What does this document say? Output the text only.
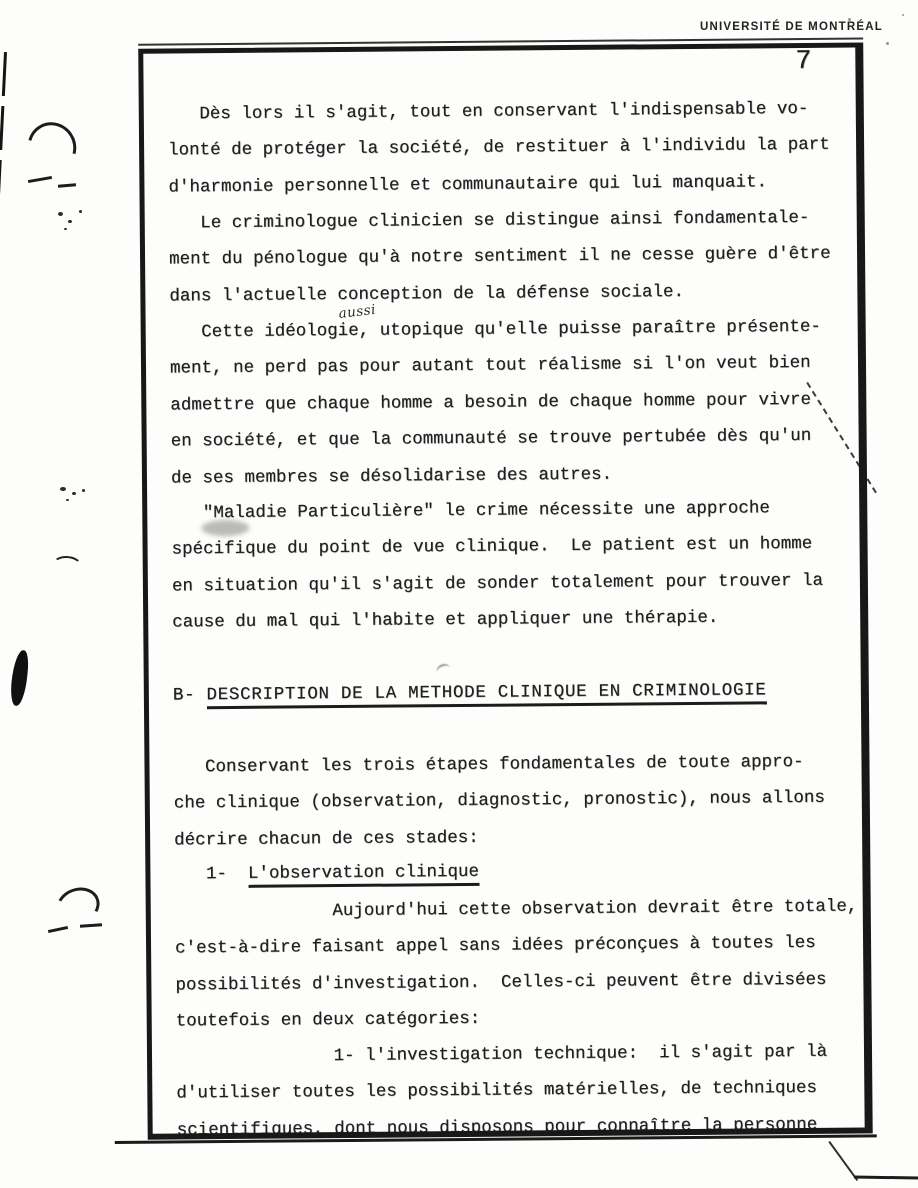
UNIVERSITÉ DE MONTRÉAL
7
Dès lors il s'agit, tout en conservant l'indispensable vo-
lonté de protéger la société, de restituer à l'individu la part
d'harmonie personnelle et communautaire qui lui manquait.
Le criminologue clinicien se distingue ainsi fondamentale-
ment du pénologue qu'à notre sentiment il ne cesse guère d'être
dans l'actuelle conception de la défense sociale.
Cette idéologie, utopique qu'elle puisse paraître présente-
ment, ne perd pas pour autant tout réalisme si l'on veut bien
admettre que chaque homme a besoin de chaque homme pour vivre
en société, et que la communauté se trouve pertubée dès qu'un
de ses membres se désolidarise des autres.
aussi
"Maladie Particulière" le crime nécessite une approche
spécifique du point de vue clinique.  Le patient est un homme
en situation qu'il s'agit de sonder totalement pour trouver la
cause du mal qui l'habite et appliquer une thérapie.
B- DESCRIPTION DE LA METHODE CLINIQUE EN CRIMINOLOGIE
Conservant les trois étapes fondamentales de toute appro-
che clinique (observation, diagnostic, pronostic), nous allons
décrire chacun de ces stades:
1-  L'observation clinique
Aujourd'hui cette observation devrait être totale,
c'est-à-dire faisant appel sans idées préconçues à toutes les
possibilités d'investigation.  Celles-ci peuvent être divisées
toutefois en deux catégories:
1- l'investigation technique:  il s'agit par là
d'utiliser toutes les possibilités matérielles, de techniques
scientifiques, dont nous disposons pour connaître la personne
